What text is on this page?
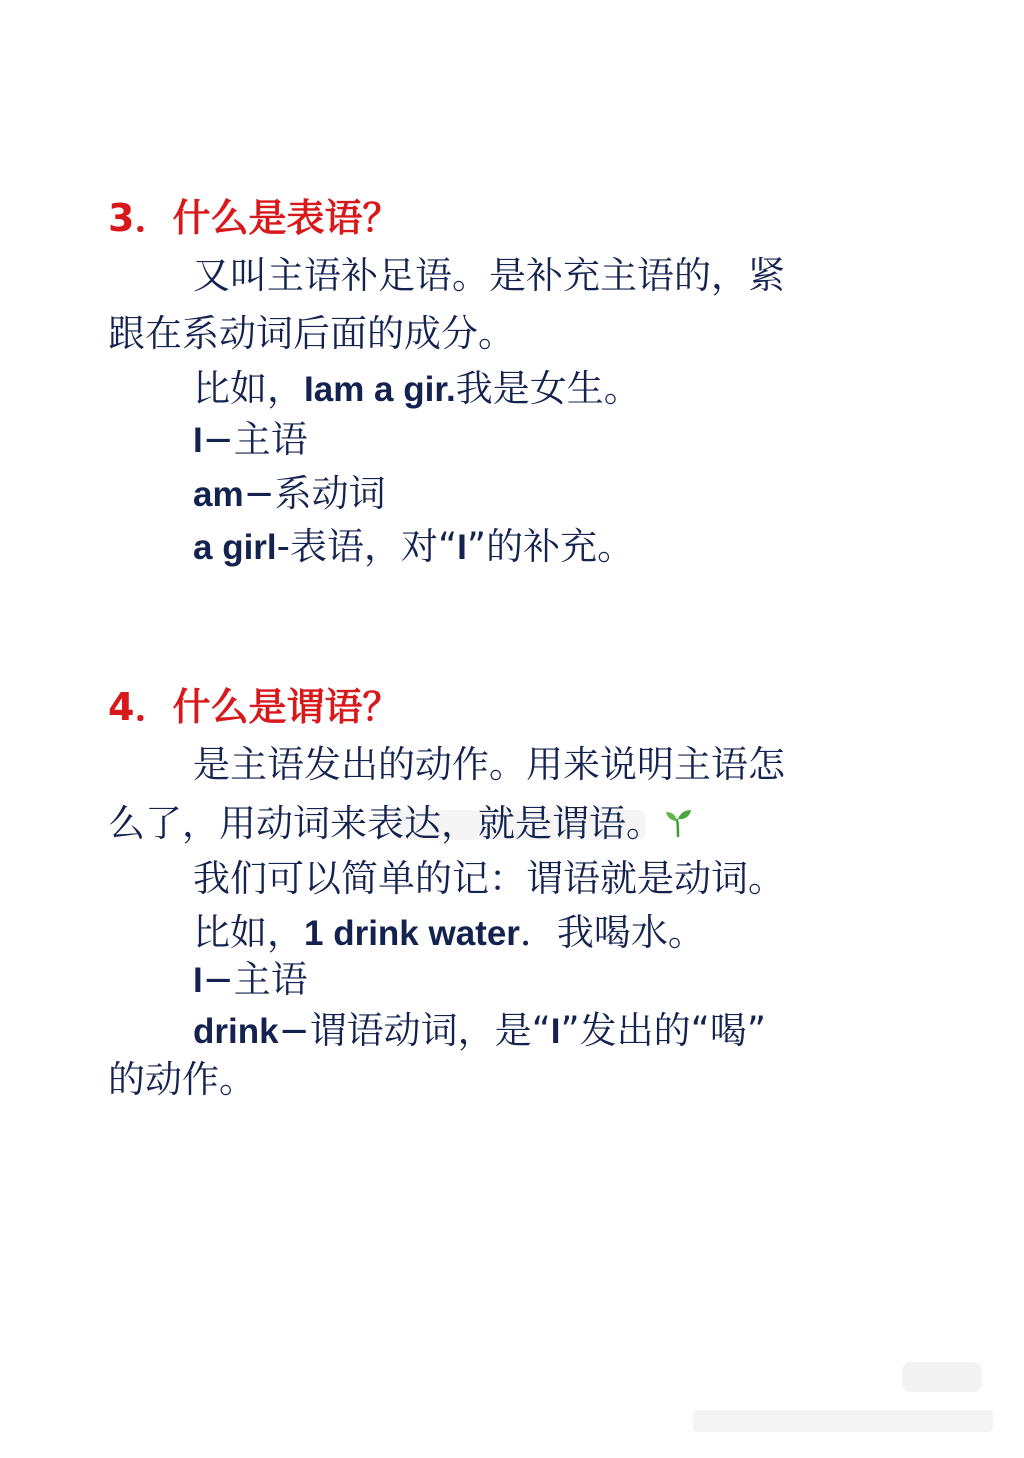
3．什么是表语？
又叫主语补足语。是补充主语的，紧
跟在系动词后面的成分。
比如，Iam a gir.我是女生。
I−主语
am−系动词
a girl-表语，对“I”的补充。
4．什么是谓语？
是主语发出的动作。用来说明主语怎
么了，用动词来表达，就是谓语。
我们可以简单的记：谓语就是动词。
比如，1 drink water．我喝水。
I−主语
drink−谓语动词，是“I”发出的“喝”
的动作。
